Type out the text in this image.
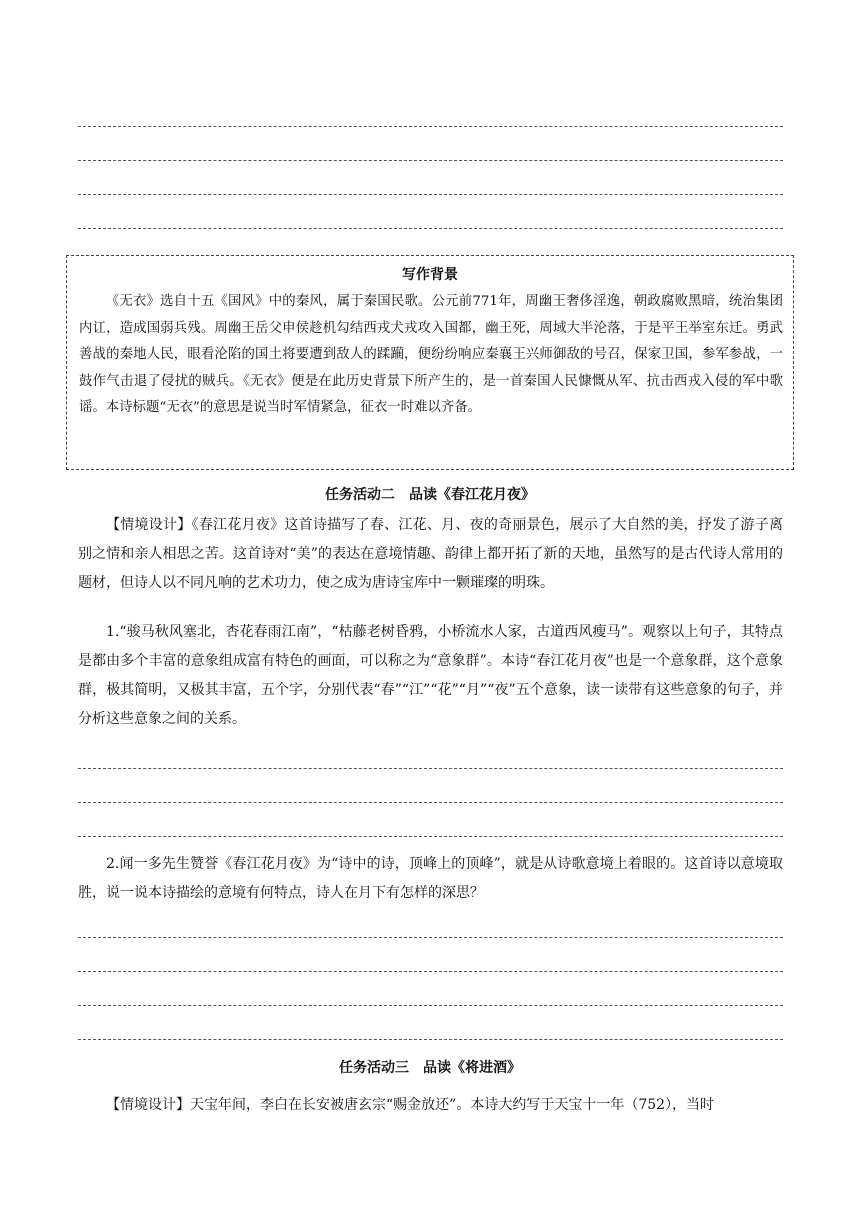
写作背景
《无衣》选自十五《国风》中的秦风，属于秦国民歌。公元前771年，周幽王奢侈淫逸，朝政腐败黑暗，统治集团内讧，造成国弱兵残。周幽王岳父申侯趁机勾结西戎犬戎攻入国都，幽王死，周域大半沦落，于是平王举室东迁。勇武善战的秦地人民，眼看沦陷的国土将要遭到敌人的蹂躏，便纷纷响应秦襄王兴师御敌的号召，保家卫国，参军参战，一鼓作气击退了侵扰的贼兵。《无衣》便是在此历史背景下所产生的，是一首秦国人民慷慨从军、抗击西戎入侵的军中歌谣。本诗标题“无衣”的意思是说当时军情紧急，征衣一时难以齐备。
任务活动二　品读《春江花月夜》
【情境设计】《春江花月夜》这首诗描写了春、江花、月、夜的奇丽景色，展示了大自然的美，抒发了游子离别之情和亲人相思之苦。这首诗对“美”的表达在意境情趣、韵律上都开拓了新的天地，虽然写的是古代诗人常用的题材，但诗人以不同凡响的艺术功力，使之成为唐诗宝库中一颗璀璨的明珠。
1.“骏马秋风塞北，杏花春雨江南”，“枯藤老树昏鸦，小桥流水人家，古道西风瘦马”。观察以上句子，其特点是都由多个丰富的意象组成富有特色的画面，可以称之为“意象群”。本诗“春江花月夜”也是一个意象群，这个意象群，极其简明，又极其丰富，五个字，分别代表“春”“江”“花”“月”“夜”五个意象，读一读带有这些意象的句子，并分析这些意象之间的关系。
2.闻一多先生赞誉《春江花月夜》为“诗中的诗，顶峰上的顶峰”，就是从诗歌意境上着眼的。这首诗以意境取胜，说一说本诗描绘的意境有何特点，诗人在月下有怎样的深思？
任务活动三　品读《将进酒》
【情境设计】天宝年间，李白在长安被唐玄宗“赐金放还”。本诗大约写于天宝十一年（752），当时
